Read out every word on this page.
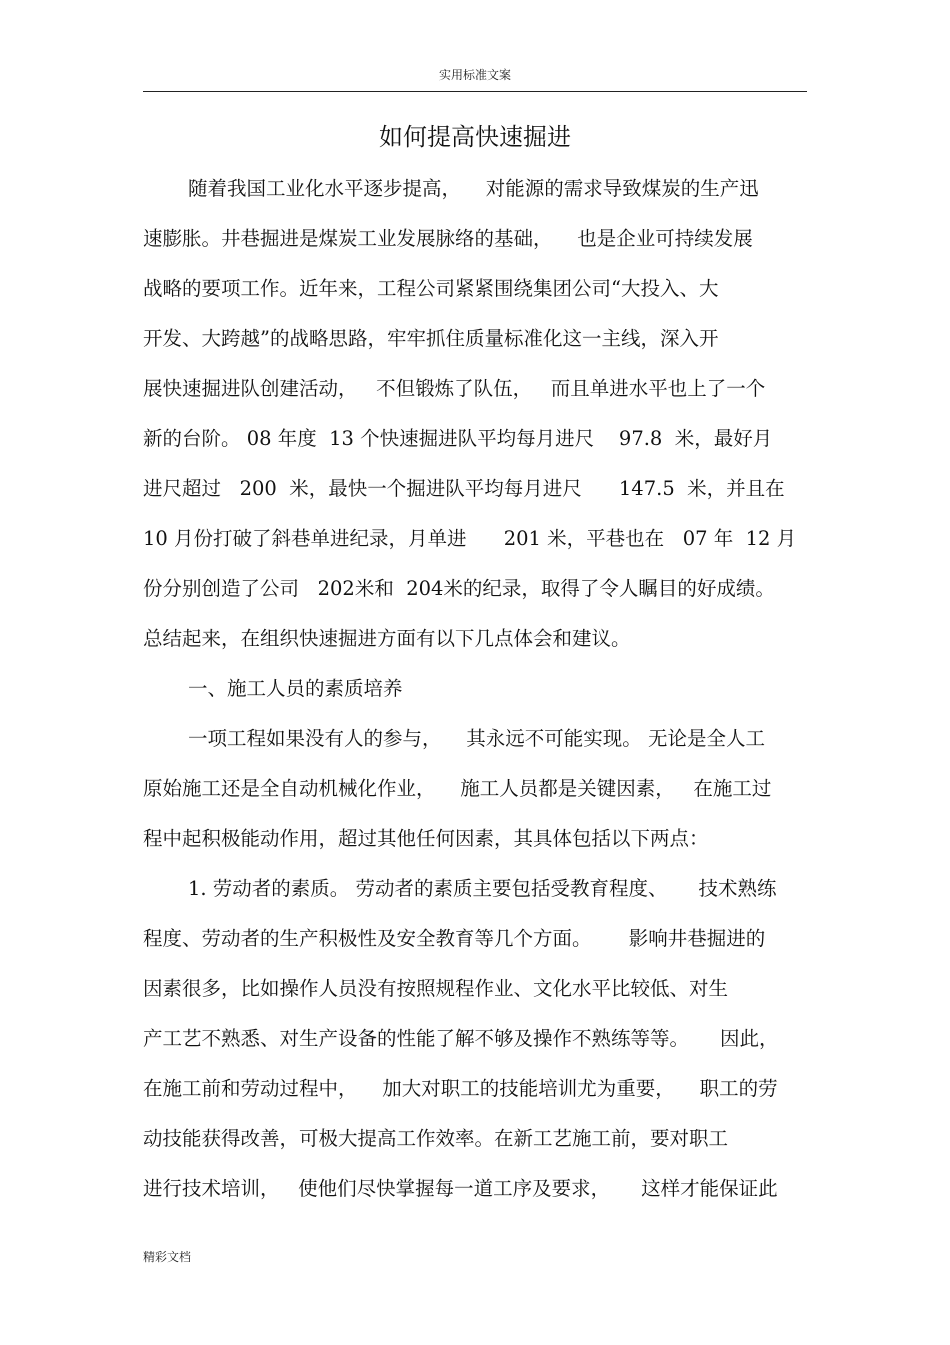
实用标准文案
如何提高快速掘进
随着我国工业化水平逐步提高，    对能源的需求导致煤炭的生产迅
速膨胀。井巷掘进是煤炭工业发展脉络的基础，    也是企业可持续发展
战略的要项工作。近年来，工程公司紧紧围绕集团公司“大投入、大
开发、大跨越”的战略思路，牢牢抓住质量标准化这一主线，深入开
展快速掘进队创建活动，   不但锻炼了队伍，   而且单进水平也上了一个
新的台阶。 08 年度  13 个快速掘进队平均每月进尺    97.8  米，最好月
进尺超过   200  米，最快一个掘进队平均每月进尺      147.5  米，并且在
10 月份打破了斜巷单进纪录，月单进      201 米，平巷也在   07 年  12 月
份分别创造了公司   202米和  204米的纪录，取得了令人瞩目的好成绩。
总结起来，在组织快速掘进方面有以下几点体会和建议。
一、施工人员的素质培养
一项工程如果没有人的参与，    其永远不可能实现。 无论是全人工
原始施工还是全自动机械化作业，    施工人员都是关键因素，   在施工过
程中起积极能动作用，超过其他任何因素，其具体包括以下两点：
1. 劳动者的素质。 劳动者的素质主要包括受教育程度、     技术熟练
程度、劳动者的生产积极性及安全教育等几个方面。      影响井巷掘进的
因素很多，比如操作人员没有按照规程作业、文化水平比较低、对生
产工艺不熟悉、对生产设备的性能了解不够及操作不熟练等等。     因此，
在施工前和劳动过程中，    加大对职工的技能培训尤为重要，    职工的劳
动技能获得改善，可极大提高工作效率。在新工艺施工前，要对职工
进行技术培训，   使他们尽快掌握每一道工序及要求，     这样才能保证此
精彩文档
